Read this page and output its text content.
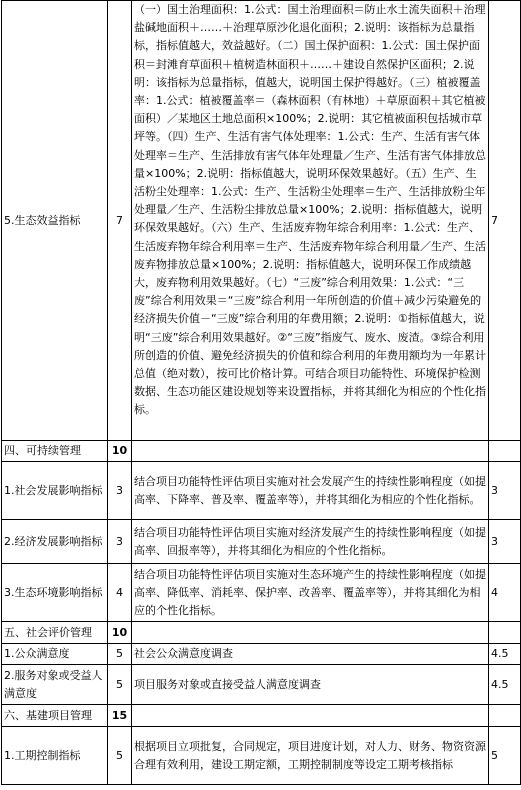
5.生态效益指标	7	（一）国土治理面积：1.公式：国土治理面积＝防止水土流失面积＋治理盐碱地面积＋……＋治理草原沙化退化面积；2.说明：该指标为总量指标，指标值越大，效益越好。（二）国土保护面积：1.公式：国土保护面积＝封滩育草面积＋植树造林面积＋……＋建设自然保护区面积；2.说明：该指标为总量指标，值越大，说明国土保护得越好。（三）植被覆盖率：1.公式：植被覆盖率＝（森林面积（有林地）＋草原面积＋其它植被面积）／某地区土地总面积×100%；2.说明：其它植被面积包括城市草坪等。（四）生产、生活有害气体处理率：1.公式：生产、生活有害气体处理率＝生产、生活排放有害气体年处理量／生产、生活有害气体排放总量×100%；2.说明：指标值越大，说明环保效果越好。（五）生产、生活粉尘处理率：1.公式：生产、生活粉尘处理率＝生产、生活排放粉尘年处理量／生产、生活粉尘排放总量×100%；2.说明：指标值越大，说明环保效果越好。（六）生产、生活废弃物年综合利用率：1.公式：生产、生活废弃物年综合利用率＝生产、生活废弃物年综合利用量／生产、生活废弃物排放总量×100%；2.说明：指标值越大，说明环保工作成绩越大，废弃物利用效果越好。（七）“三废”综合利用效果：1.公式：“三废”综合利用效果＝“三废”综合利用一年所创造的价值＋减少污染避免的经济损失价值－“三废”综合利用的年费用额；2.说明：①指标值越大，说明“三废”综合利用效果越好。②“三废”指废气、废水、废渣。③综合利用所创造的价值、避免经济损失的价值和综合利用的年费用额均为一年累计总值（绝对数），按可比价格计算。可结合项目功能特性、环境保护检测数据、生态功能区建设规划等来设置指标，并将其细化为相应的个性化指标。	7
四、可持续管理	10		
1.社会发展影响指标	3	结合项目功能特性评估项目实施对社会发展产生的持续性影响程度（如提高率、下降率、普及率、覆盖率等），并将其细化为相应的个性化指标。	3
2.经济发展影响指标	3	结合项目功能特性评估项目实施对经济发展产生的持续性影响程度（如提高率、回报率等），并将其细化为相应的个性化指标。	3
3.生态环境影响指标	4	结合项目功能特性评估项目实施对生态环境产生的持续性影响程度（如提高率、降低率、消耗率、保护率、改善率、覆盖率等），并将其细化为相应的个性化指标。	4
五、社会评价管理	10		
1.公众满意度	5	社会公众满意度调查	4.5
2.服务对象或受益人满意度	5	项目服务对象或直接受益人满意度调查	4.5
六、基建项目管理	15		
1.工期控制指标	5	根据项目立项批复，合同规定，项目进度计划，对人力、财务、物资资源合理有效利用，建设工期定额，工期控制制度等设定工期考核指标	5
